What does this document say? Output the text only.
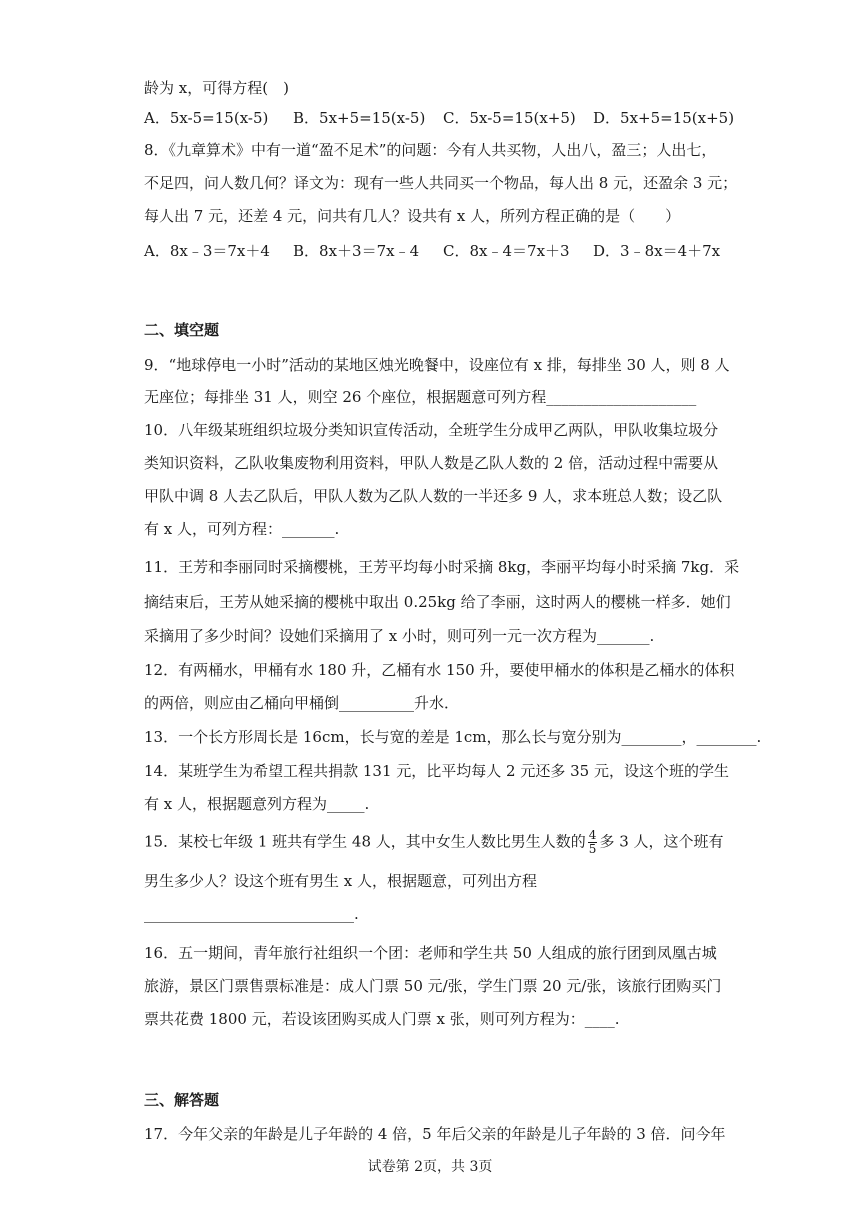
龄为 x，可得方程(　)
A．5x-5=15(x-5) B．5x+5=15(x-5) C．5x-5=15(x+5) D．5x+5=15(x+5)
8．《九章算术》中有一道“盈不足术”的问题：今有人共买物，人出八，盈三；人出七，
不足四，问人数几何？译文为：现有一些人共同买一个物品，每人出 8 元，还盈余 3 元；
每人出 7 元，还差 4 元，问共有几人？设共有 x 人，所列方程正确的是（　　）
A．8x﹣3＝7x＋4 B．8x＋3＝7x﹣4 C．8x﹣4＝7x＋3 D．3﹣8x＝4＋7x
二、填空题
9．“地球停电一小时”活动的某地区烛光晚餐中，设座位有 x 排，每排坐 30 人，则 8 人
无座位；每排坐 31 人，则空 26 个座位，根据题意可列方程____________________
10．八年级某班组织垃圾分类知识宣传活动，全班学生分成甲乙两队，甲队收集垃圾分
类知识资料，乙队收集废物利用资料，甲队人数是乙队人数的 2 倍，活动过程中需要从
甲队中调 8 人去乙队后，甲队人数为乙队人数的一半还多 9 人，求本班总人数；设乙队
有 x 人，可列方程：_______.
11．王芳和李丽同时采摘樱桃，王芳平均每小时采摘 8kg，李丽平均每小时采摘 7kg．采
摘结束后，王芳从她采摘的樱桃中取出 0.25kg 给了李丽，这时两人的樱桃一样多．她们
采摘用了多少时间？设她们采摘用了 x 小时，则可列一元一次方程为_______.
12．有两桶水，甲桶有水 180 升，乙桶有水 150 升，要使甲桶水的体积是乙桶水的体积
的两倍，则应由乙桶向甲桶倒__________升水．
13．一个长方形周长是 16cm，长与宽的差是 1cm，那么长与宽分别为________，________.
14．某班学生为希望工程共捐款 131 元，比平均每人 2 元还多 35 元，设这个班的学生
有 x 人，根据题意列方程为_____.
15．某校七年级 1 班共有学生 48 人，其中女生人数比男生人数的 $\frac{4}{5}$ 多 3 人，这个班有
男生多少人？设这个班有男生 x 人，根据题意，可列出方程
____________________________.
16．五一期间，青年旅行社组织一个团：老师和学生共 50 人组成的旅行团到凤凰古城
旅游，景区门票售票标准是：成人门票 50 元/张，学生门票 20 元/张，该旅行团购买门
票共花费 1800 元，若设该团购买成人门票 x 张，则可列方程为：____.
三、解答题
17．今年父亲的年龄是儿子年龄的 4 倍，5 年后父亲的年龄是儿子年龄的 3 倍．问今年
试卷第 2页，共 3页
